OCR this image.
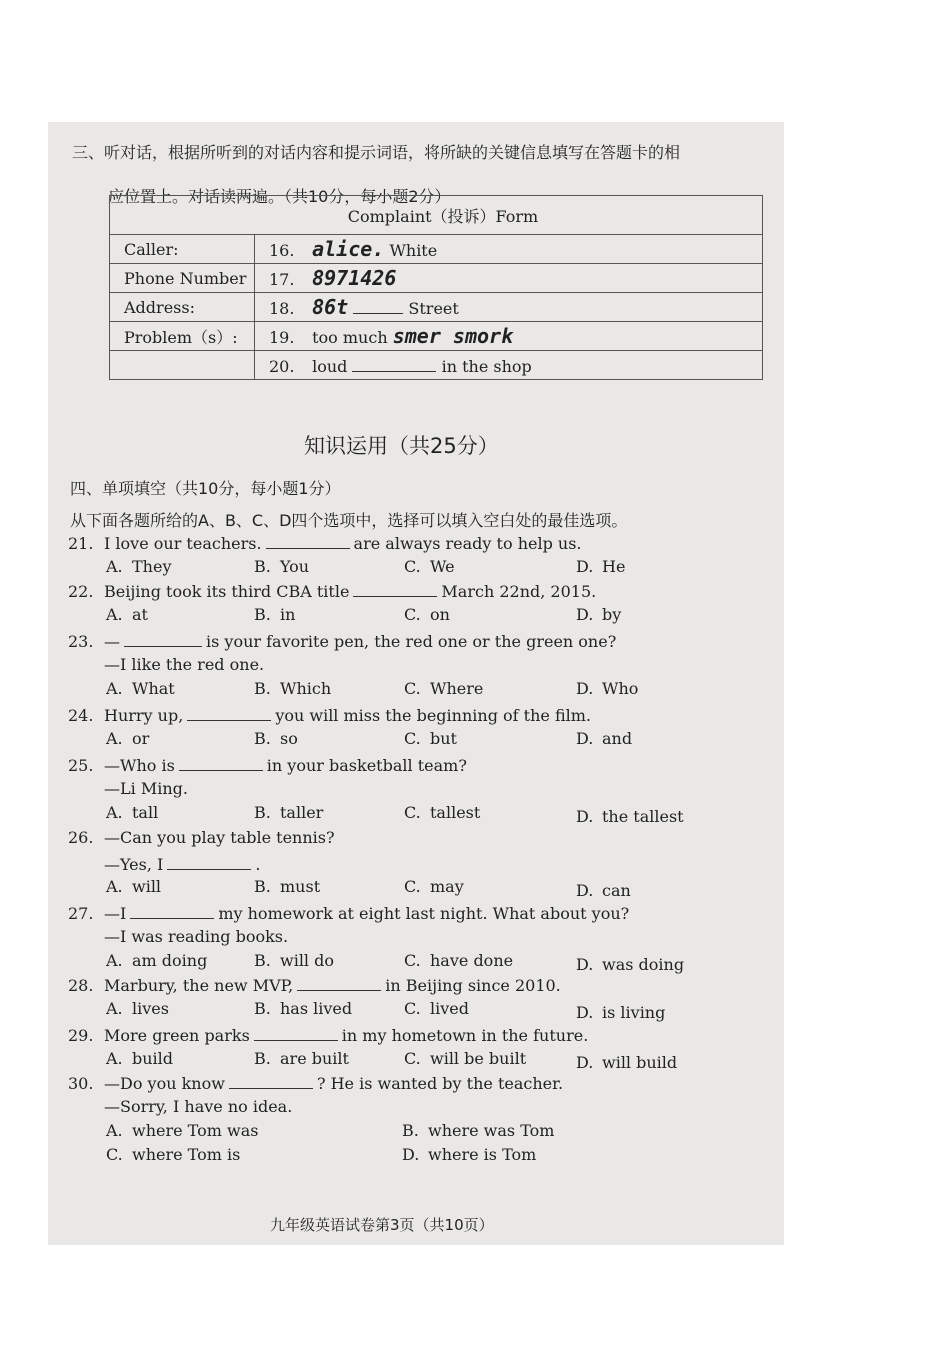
三、听对话，根据所听到的对话内容和提示词语，将所缺的关键信息填写在答题卡的相
应位置上。对话读两遍。（共10分，每小题2分）
Complaint（投诉）Form	
Caller:	16. alice. White
Phone Number	17. 8971426
Address:	18. 86t Street
Problem（s）:	19. too much smer smork
	20. loud in the shop
知识运用（共25分）
四、单项填空（共10分，每小题1分）
从下面各题所给的A、B、C、D四个选项中，选择可以填入空白处的最佳选项。
21. I love our teachers.	are always ready to help us.
A. They	B. You	C. We	D. He
22. Beijing took its third CBA title	March 22nd, 2015.
A. at	B. in	C. on	D. by
23. —	is your favorite pen, the red one or the green one?
—I like the red one.
A. What	B. Which	C. Where	D. Who
24. Hurry up,	you will miss the beginning of the film.
A. or	B. so	C. but	D. and
25. —Who is	in your basketball team?
—Li Ming.
A. tall	B. taller	C. tallest	D. the tallest
26. —Can you play table tennis?
—Yes, I	.
A. will	B. must	C. may	D. can
27. —I	my homework at eight last night. What about you?
—I was reading books.
A. am doing	B. will do	C. have done	D. was doing
28. Marbury, the new MVP,	in Beijing since 2010.
A. lives	B. has lived	C. lived	D. is living
29. More green parks	in my hometown in the future.
A. build	B. are built	C. will be built	D. will build
30. —Do you know	? He is wanted by the teacher.
—Sorry, I have no idea.
A. where Tom was	B. where was Tom
C. where Tom is	D. where is Tom
九年级英语试卷第3页（共10页）
